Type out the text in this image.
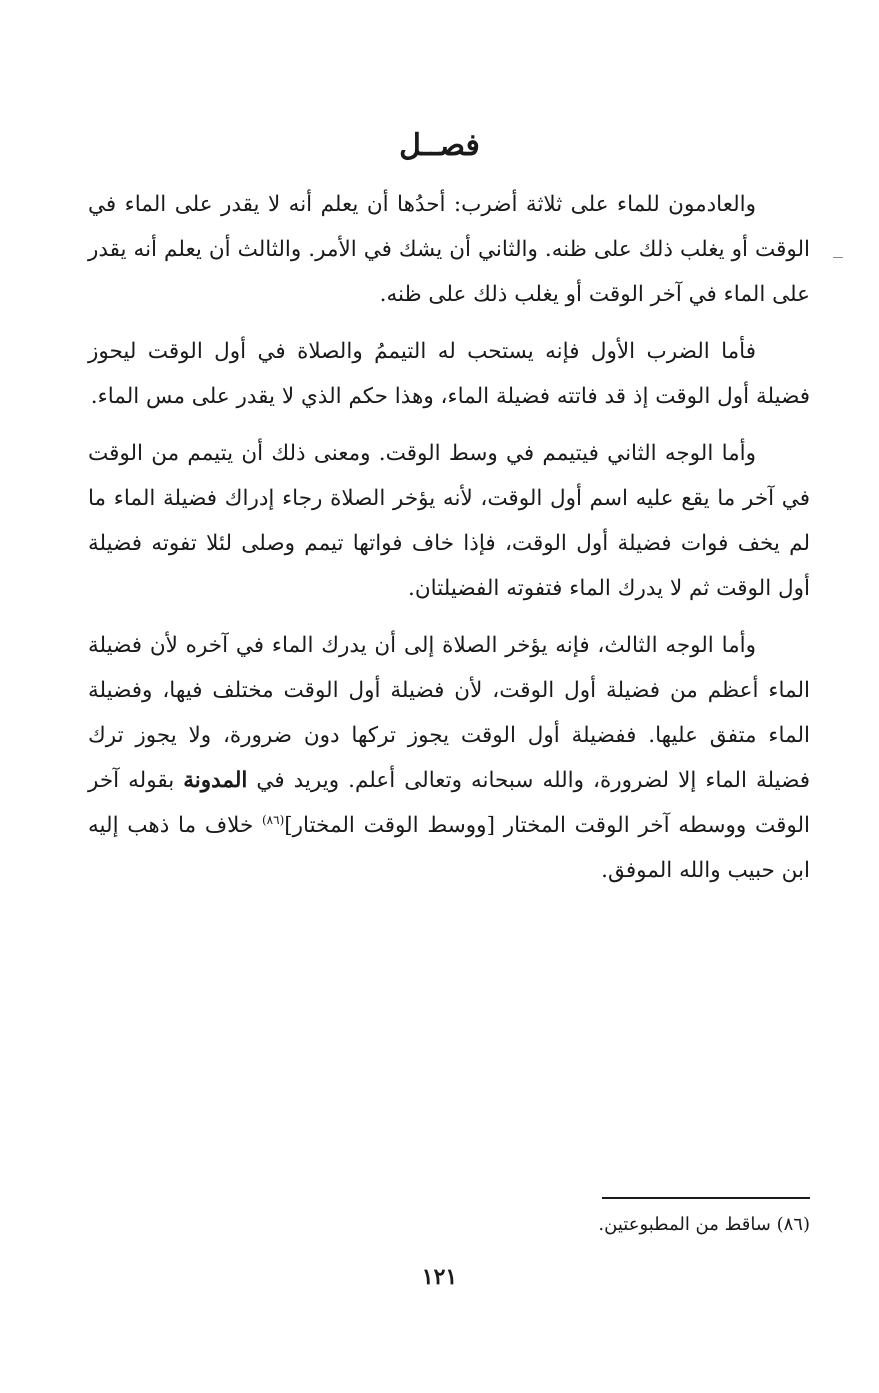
فصــل

والعادمون للماء على ثلاثة أضرب: أحدُها أن يعلم أنه لا يقدر على الماء في الوقت أو يغلب ذلك على ظنه. والثاني أن يشك في الأمر. والثالث أن يعلم أنه يقدر على الماء في آخر الوقت أو يغلب ذلك على ظنه.

فأما الضرب الأول فإنه يستحب له التيممُ والصلاة في أول الوقت ليحوز فضيلة أول الوقت إذ قد فاتته فضيلة الماء، وهذا حكم الذي لا يقدر على مس الماء.

وأما الوجه الثاني فيتيمم في وسط الوقت. ومعنى ذلك أن يتيمم من الوقت في آخر ما يقع عليه اسم أول الوقت، لأنه يؤخر الصلاة رجاء إدراك فضيلة الماء ما لم يخف فوات فضيلة أول الوقت، فإذا خاف فواتها تيمم وصلى لئلا تفوته فضيلة أول الوقت ثم لا يدرك الماء فتفوته الفضيلتان.

وأما الوجه الثالث، فإنه يؤخر الصلاة إلى أن يدرك الماء في آخره لأن فضيلة الماء أعظم من فضيلة أول الوقت، لأن فضيلة أول الوقت مختلف فيها، وفضيلة الماء متفق عليها. ففضيلة أول الوقت يجوز تركها دون ضرورة، ولا يجوز ترك فضيلة الماء إلا لضرورة، والله سبحانه وتعالى أعلم. ويريد في المدونة بقوله آخر الوقت ووسطه آخر الوقت المختار [ووسط الوقت المختار]$^{(٨٦)}$ خلاف ما ذهب إليه ابن حبيب والله الموفق.

(٨٦) ساقط من المطبوعتين.
١٢١
